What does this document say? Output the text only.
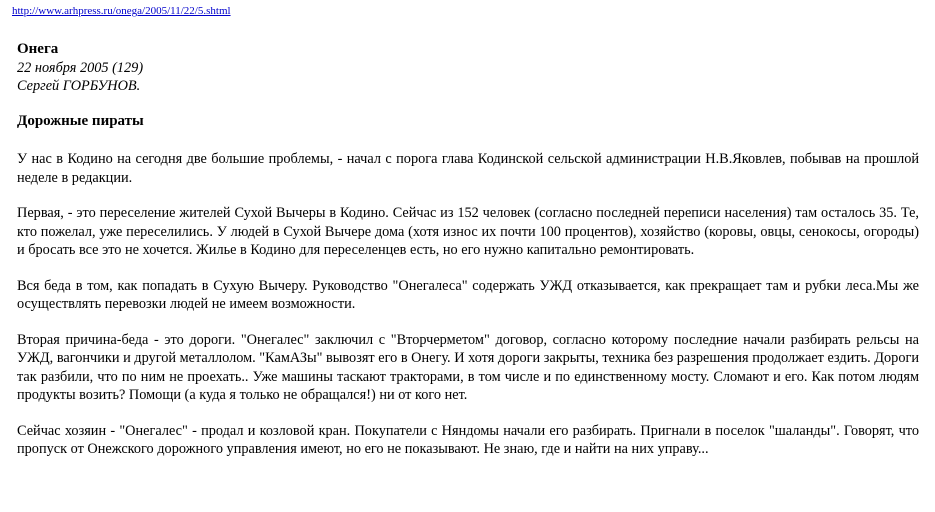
http://www.arhpress.ru/onega/2005/11/22/5.shtml
Онега
22 ноября 2005 (129)
Сергей ГОРБУНОВ.
Дорожные пираты

У нас в Кодино на сегодня две большие проблемы, - начал с порога глава Кодинской сельской администрации Н.В.Яковлев, побывав на прошлой неделе в редакции.

Первая, - это переселение жителей Сухой Вычеры в Кодино. Сейчас из 152 человек (согласно последней переписи населения) там осталось 35. Те, кто пожелал, уже переселились. У людей в Сухой Вычере дома (хотя износ их почти 100 процентов), хозяйство (коровы, овцы, сенокосы, огороды) и бросать все это не хочется. Жилье в Кодино для переселенцев есть, но его нужно капитально ремонтировать.

Вся беда в том, как попадать в Сухую Вычеру. Руководство "Онегалеса" содержать УЖД отказывается, как прекращает там и рубки леса.Мы же осуществлять перевозки людей не имеем возможности.

Вторая причина-беда - это дороги. "Онегалес" заключил с "Вторчерметом" договор, согласно которому последние начали разбирать рельсы на УЖД, вагончики и другой металлолом. "КамАЗы" вывозят его в Онегу. И хотя дороги закрыты, техника без разрешения продолжает ездить. Дороги так разбили, что по ним не проехать.. Уже машины таскают тракторами, в том числе и по единственному мосту. Сломают и его. Как потом людям продукты возить? Помощи (а куда я только не обращался!) ни от кого нет.

Сейчас хозяин - "Онегалес" - продал и козловой кран. Покупатели с Няндомы начали его разбирать. Пригнали в поселок "шаланды". Говорят, что пропуск от Онежского дорожного управления имеют, но его не показывают. Не знаю, где и найти на них управу...
